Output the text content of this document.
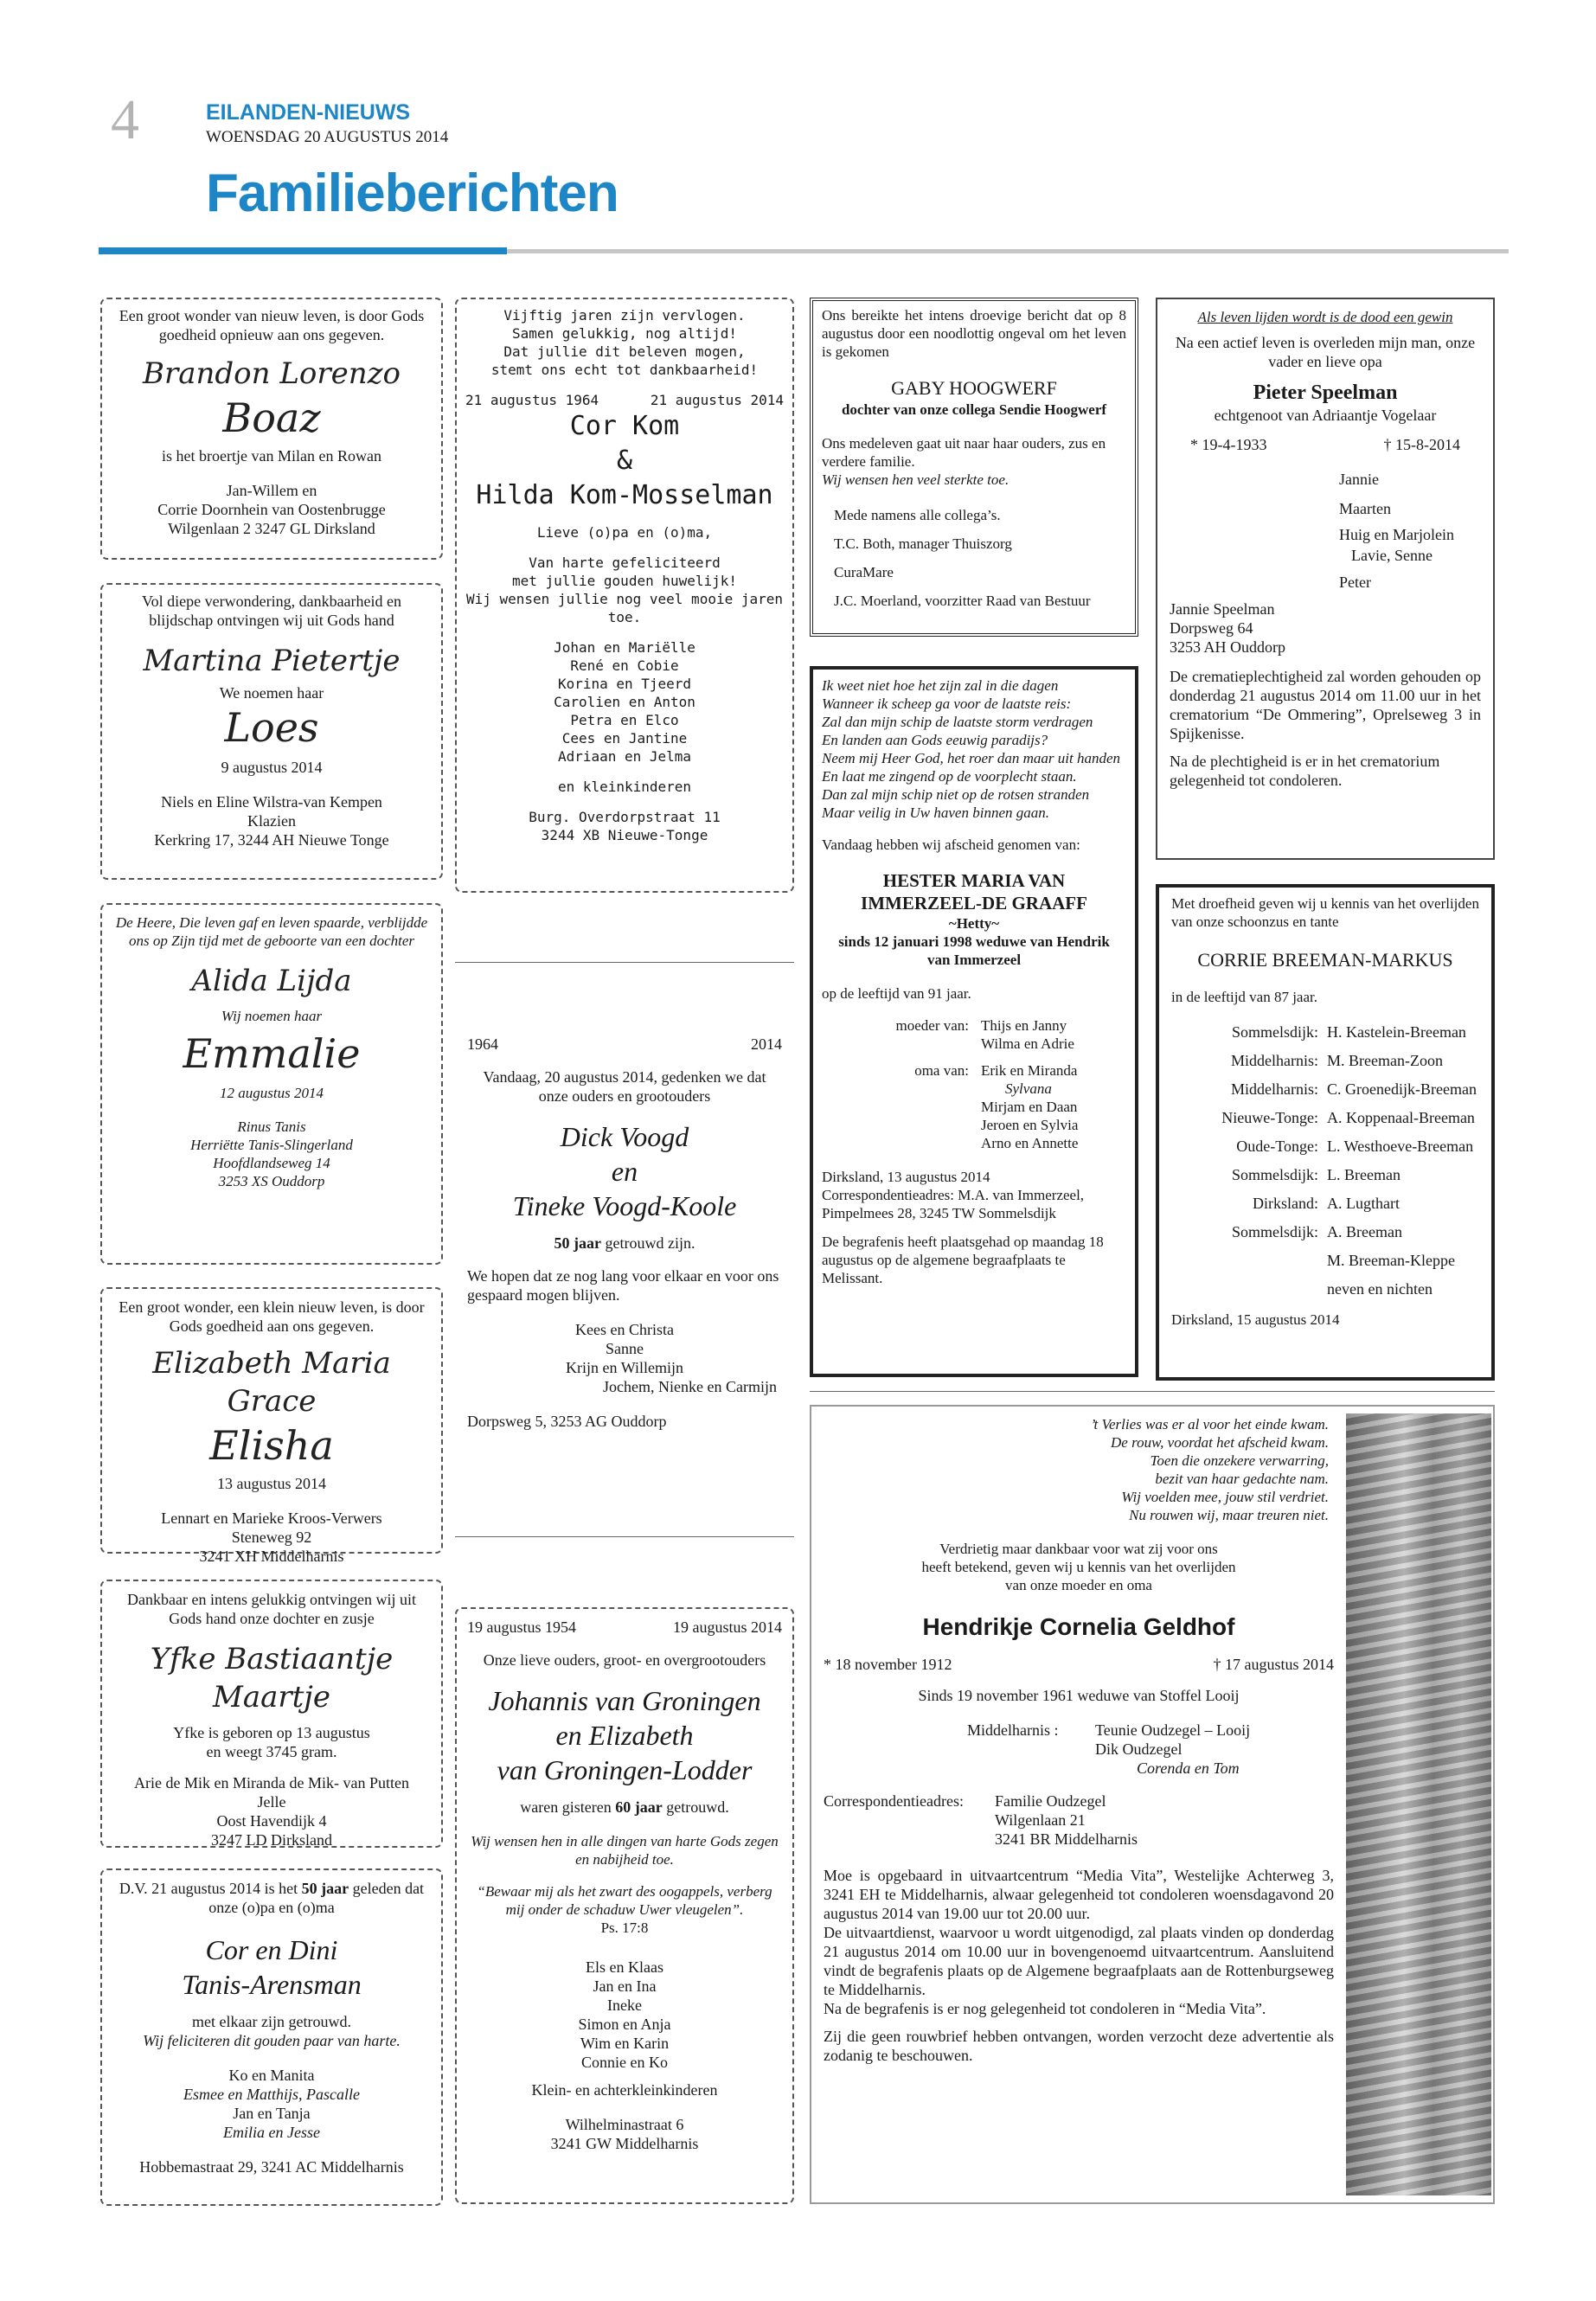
4	EILANDEN-NIEUWS
WOENSDAG 20 AUGUSTUS 2014
Familieberichten

Een groot wonder van nieuw leven, is door Gods goedheid opnieuw aan ons gegeven.

Brandon Lorenzo

Boaz

is het broertje van Milan en Rowan

Jan-Willem en

Corrie Doornhein van Oostenbrugge

Wilgenlaan 2 3247 GL Dirksland

Vol diepe verwondering, dankbaarheid en blijdschap ontvingen wij uit Gods hand

Martina Pietertje

We noemen haar

Loes

9 augustus 2014

Niels en Eline Wilstra-van Kempen

Klazien

Kerkring 17, 3244 AH Nieuwe Tonge

De Heere, Die leven gaf en leven spaarde, verblijdde ons op Zijn tijd met de geboorte van een dochter

Alida Lijda

Wij noemen haar

Emmalie

12 augustus 2014

Rinus Tanis

Herriëtte Tanis-Slingerland

Hoofdlandseweg 14

3253 XS Ouddorp

Een groot wonder, een klein nieuw leven, is door Gods goedheid aan ons gegeven.

Elizabeth Maria Grace

Elisha

13 augustus 2014

Lennart en Marieke Kroos-Verwers

Steneweg 92

3241 XH Middelharnis

Dankbaar en intens gelukkig ontvingen wij uit Gods hand onze dochter en zusje

Yfke Bastiaantje Maartje

Yfke is geboren op 13 augustus

en weegt 3745 gram.

Arie de Mik en Miranda de Mik- van Putten

Jelle

Oost Havendijk 4

3247 LD Dirksland

D.V. 21 augustus 2014 is het 50 jaar geleden dat onze (o)pa en (o)ma

Cor en Dini

Tanis-Arensman

met elkaar zijn getrouwd.

Wij feliciteren dit gouden paar van harte.

Ko en Manita

Esmee en Matthijs, Pascalle

Jan en Tanja

Emilia en Jesse

Hobbemastraat 29, 3241 AC Middelharnis

Vijftig jaren zijn vervlogen.

Samen gelukkig, nog altijd!

Dat jullie dit beleven mogen,

stemt ons echt tot dankbaarheid!

21 augustus 1964	21 augustus 2014

Cor Kom

&

Hilda Kom-Mosselman

Lieve (o)pa en (o)ma,

Van harte gefeliciteerd

met jullie gouden huwelijk!

Wij wensen jullie nog veel mooie jaren toe.

Johan en Mariëlle

René en Cobie

Korina en Tjeerd

Carolien en Anton

Petra en Elco

Cees en Jantine

Adriaan en Jelma

en kleinkinderen

Burg. Overdorpstraat 11

3244 XB Nieuwe-Tonge

1964	2014

Vandaag, 20 augustus 2014, gedenken we dat onze ouders en grootouders

Dick Voogd

en

Tineke Voogd-Koole

50 jaar getrouwd zijn.

We hopen dat ze nog lang voor elkaar en voor ons gespaard mogen blijven.

Kees en Christa

Sanne

Krijn en Willemijn

Jochem, Nienke en Carmijn

Dorpsweg 5, 3253 AG Ouddorp

19 augustus 1954	19 augustus 2014

Onze lieve ouders, groot- en overgrootouders

Johannis van Groningen

en Elizabeth

van Groningen-Lodder

waren gisteren 60 jaar getrouwd.

Wij wensen hen in alle dingen van harte Gods zegen en nabijheid toe.

“Bewaar mij als het zwart des oogappels, verberg mij onder de schaduw Uwer vleugelen”.

Ps. 17:8

Els en Klaas

Jan en Ina

Ineke

Simon en Anja

Wim en Karin

Connie en Ko

Klein- en achterkleinkinderen

Wilhelminastraat 6

3241 GW Middelharnis

Ons bereikte het intens droevige bericht dat op 8 augustus door een noodlottig ongeval om het leven is gekomen

GABY HOOGWERF

dochter van onze collega Sendie Hoogwerf

Ons medeleven gaat uit naar haar ouders, zus en verdere familie.

Wij wensen hen veel sterkte toe.

Mede namens alle collega’s.

T.C. Both, manager Thuiszorg

CuraMare

J.C. Moerland, voorzitter Raad van Bestuur

Ik weet niet hoe het zijn zal in die dagen

Wanneer ik scheep ga voor de laatste reis:

Zal dan mijn schip de laatste storm verdragen

En landen aan Gods eeuwig paradijs?

Neem mij Heer God, het roer dan maar uit handen

En laat me zingend op de voorplecht staan.

Dan zal mijn schip niet op de rotsen stranden

Maar veilig in Uw haven binnen gaan.

Vandaag hebben wij afscheid genomen van:

HESTER MARIA VAN

IMMERZEEL-DE GRAAFF

~Hetty~

sinds 12 januari 1998 weduwe van Hendrik

van Immerzeel

op de leeftijd van 91 jaar.

moeder van: Thijs en Janny

Wilma en Adrie

oma van: Erik en Miranda

Sylvana

Mirjam en Daan

Jeroen en Sylvia

Arno en Annette

Dirksland, 13 augustus 2014

Correspondentieadres: M.A. van Immerzeel, Pimpelmees 28, 3245 TW Sommelsdijk

De begrafenis heeft plaatsgehad op maandag 18 augustus op de algemene begraafplaats te Melissant.

Als leven lijden wordt is de dood een gewin

Na een actief leven is overleden mijn man, onze vader en lieve opa

Pieter Speelman

echtgenoot van Adriaantje Vogelaar

* 19-4-1933	† 15-8-2014

Jannie

Maarten

Huig en Marjolein

Lavie, Senne

Peter

Jannie Speelman

Dorpsweg 64

3253 AH Ouddorp

De crematieplechtigheid zal worden gehouden op donderdag 21 augustus 2014 om 11.00 uur in het crematorium “De Ommering”, Oprelseweg 3 in Spijkenisse.

Na de plechtigheid is er in het crematorium gelegenheid tot condoleren.

Met droefheid geven wij u kennis van het overlijden van onze schoonzus en tante

CORRIE BREEMAN-MARKUS

in de leeftijd van 87 jaar.

Sommelsdijk: H. Kastelein-Breeman
Middelharnis: M. Breeman-Zoon
Middelharnis: C. Groenedijk-Breeman
Nieuwe-Tonge: A. Koppenaal-Breeman
Oude-Tonge: L. Westhoeve-Breeman
Sommelsdijk: L. Breeman
Dirksland: A. Lugthart
Sommelsdijk: A. Breeman
M. Breeman-Kleppe
neven en nichten

Dirksland, 15 augustus 2014

’t Verlies was er al voor het einde kwam.

De rouw, voordat het afscheid kwam.

Toen die onzekere verwarring,

bezit van haar gedachte nam.

Wij voelden mee, jouw stil verdriet.

Nu rouwen wij, maar treuren niet.

Verdrietig maar dankbaar voor wat zij voor ons

heeft betekend, geven wij u kennis van het overlijden

van onze moeder en oma

Hendrikje Cornelia Geldhof

* 18 november 1912	† 17 augustus 2014

Sinds 19 november 1961 weduwe van Stoffel Looij

Middelharnis :	Teunie Oudzegel – Looij

Dik Oudzegel

Corenda en Tom

Correspondentieadres:	Familie Oudzegel

Wilgenlaan 21

3241 BR Middelharnis

Moe is opgebaard in uitvaartcentrum “Media Vita”, Westelijke Achterweg 3, 3241 EH te Middelharnis, alwaar gelegenheid tot condoleren woensdagavond 20 augustus 2014 van 19.00 uur tot 20.00 uur.

De uitvaartdienst, waarvoor u wordt uitgenodigd, zal plaats vinden op donderdag 21 augustus 2014 om 10.00 uur in bovengenoemd uitvaartcentrum. Aansluitend vindt de begrafenis plaats op de Algemene begraafplaats aan de Rottenburgseweg te Middelharnis.

Na de begrafenis is er nog gelegenheid tot condoleren in “Media Vita”.

Zij die geen rouwbrief hebben ontvangen, worden verzocht deze advertentie als zodanig te beschouwen.
